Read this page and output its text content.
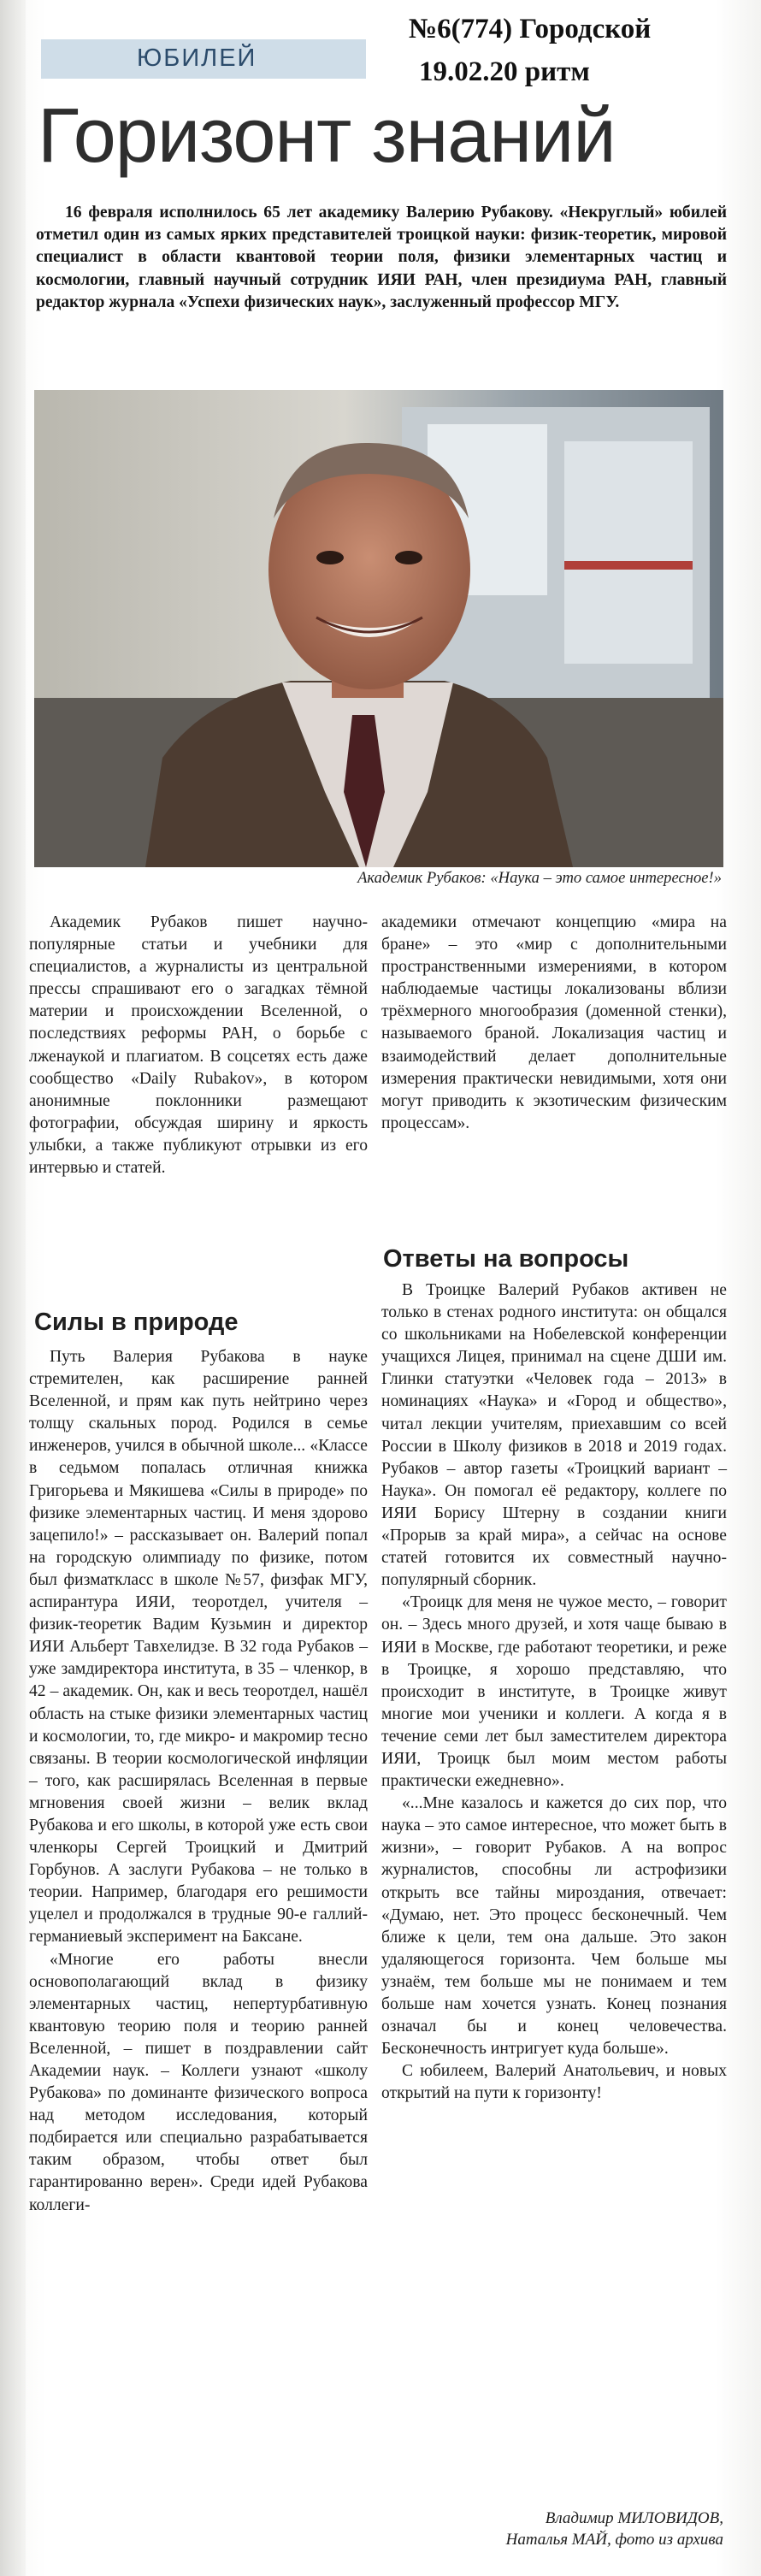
ЮБИЛЕЙ
№6(774) Городской
19.02.20 ритм
Горизонт знаний
16 февраля исполнилось 65 лет академику Валерию Рубакову. «Некруглый» юбилей отметил один из самых ярких представителей троицкой науки: физик-теоретик, мировой специалист в области квантовой теории поля, физики элементарных частиц и космологии, главный научный сотрудник ИЯИ РАН, член президиума РАН, главный редактор журнала «Успехи физических наук», заслуженный профессор МГУ.
Академик Рубаков: «Наука – это самое интересное!»

Академик Рубаков пишет научно-популярные статьи и учебники для специалистов, а журналисты из центральной прессы спрашивают его о загадках тёмной материи и происхождении Вселенной, о последствиях реформы РАН, о борьбе с лженаукой и плагиатом. В соцсетях есть даже сообщество «Daily Rubakov», в котором анонимные поклонники размещают фотографии, обсуждая ширину и яркость улыбки, а также публикуют отрывки из его интервью и статей.

академики отмечают концепцию «мира на бране» – это «мир с дополнительными пространственными измерениями, в котором наблюдаемые частицы локализованы вблизи трёхмерного многообразия (доменной стенки), называемого браной. Локализация частиц и взаимодействий делает дополнительные измерения практически невидимыми, хотя они могут приводить к экзотическим физическим процессам».

Силы в природе
Ответы на вопросы

Путь Валерия Рубакова в науке стремителен, как расширение ранней Вселенной, и прям как путь нейтрино через толщу скальных пород. Родился в семье инженеров, учился в обычной школе... «Классе в седьмом попалась отличная книжка Григорьева и Мякишева «Силы в природе» по физике элементарных частиц. И меня здорово зацепило!» – рассказывает он. Валерий попал на городскую олимпиаду по физике, потом был физматкласс в школе №57, физфак МГУ, аспирантура ИЯИ, теоротдел, учителя – физик-теоретик Вадим Кузьмин и директор ИЯИ Альберт Тавхелидзе. В 32 года Рубаков – уже замдиректора института, в 35 – членкор, в 42 – академик. Он, как и весь теоротдел, нашёл область на стыке физики элементарных частиц и космологии, то, где микро- и макромир тесно связаны. В теории космологической инфляции – того, как расширялась Вселенная в первые мгновения своей жизни – велик вклад Рубакова и его школы, в которой уже есть свои членкоры Сергей Троицкий и Дмитрий Горбунов. А заслуги Рубакова – не только в теории. Например, благодаря его решимости уцелел и продолжался в трудные 90-е галлий-германиевый эксперимент на Баксане.

«Многие его работы внесли основополагающий вклад в физику элементарных частиц, непертурбативную квантовую теорию поля и теорию ранней Вселенной, – пишет в поздравлении сайт Академии наук. – Коллеги узнают «школу Рубакова» по доминанте физического вопроса над методом исследования, который подбирается или специально разрабатывается таким образом, чтобы ответ был гарантированно верен». Среди идей Рубакова коллеги-

В Троицке Валерий Рубаков активен не только в стенах родного института: он общался со школьниками на Нобелевской конференции учащихся Лицея, принимал на сцене ДШИ им. Глинки статуэтки «Человек года – 2013» в номинациях «Наука» и «Город и общество», читал лекции учителям, приехавшим со всей России в Школу физиков в 2018 и 2019 годах. Рубаков – автор газеты «Троицкий вариант – Наука». Он помогал её редактору, коллеге по ИЯИ Борису Штерну в создании книги «Прорыв за край мира», а сейчас на основе статей готовится их совместный научно-популярный сборник.

«Троицк для меня не чужое место, – говорит он. – Здесь много друзей, и хотя чаще бываю в ИЯИ в Москве, где работают теоретики, и реже в Троицке, я хорошо представляю, что происходит в институте, в Троицке живут многие мои ученики и коллеги. А когда я в течение семи лет был заместителем директора ИЯИ, Троицк был моим местом работы практически ежедневно».

«...Мне казалось и кажется до сих пор, что наука – это самое интересное, что может быть в жизни», – говорит Рубаков. А на вопрос журналистов, способны ли астрофизики открыть все тайны мироздания, отвечает: «Думаю, нет. Это процесс бесконечный. Чем ближе к цели, тем она дальше. Это закон удаляющегося горизонта. Чем больше мы узнаём, тем больше мы не понимаем и тем больше нам хочется узнать. Конец познания означал бы и конец человечества. Бесконечность интригует куда больше».

С юбилеем, Валерий Анатольевич, и новых открытий на пути к горизонту!

Владимир МИЛОВИДОВ,
Наталья МАЙ, фото из архива
